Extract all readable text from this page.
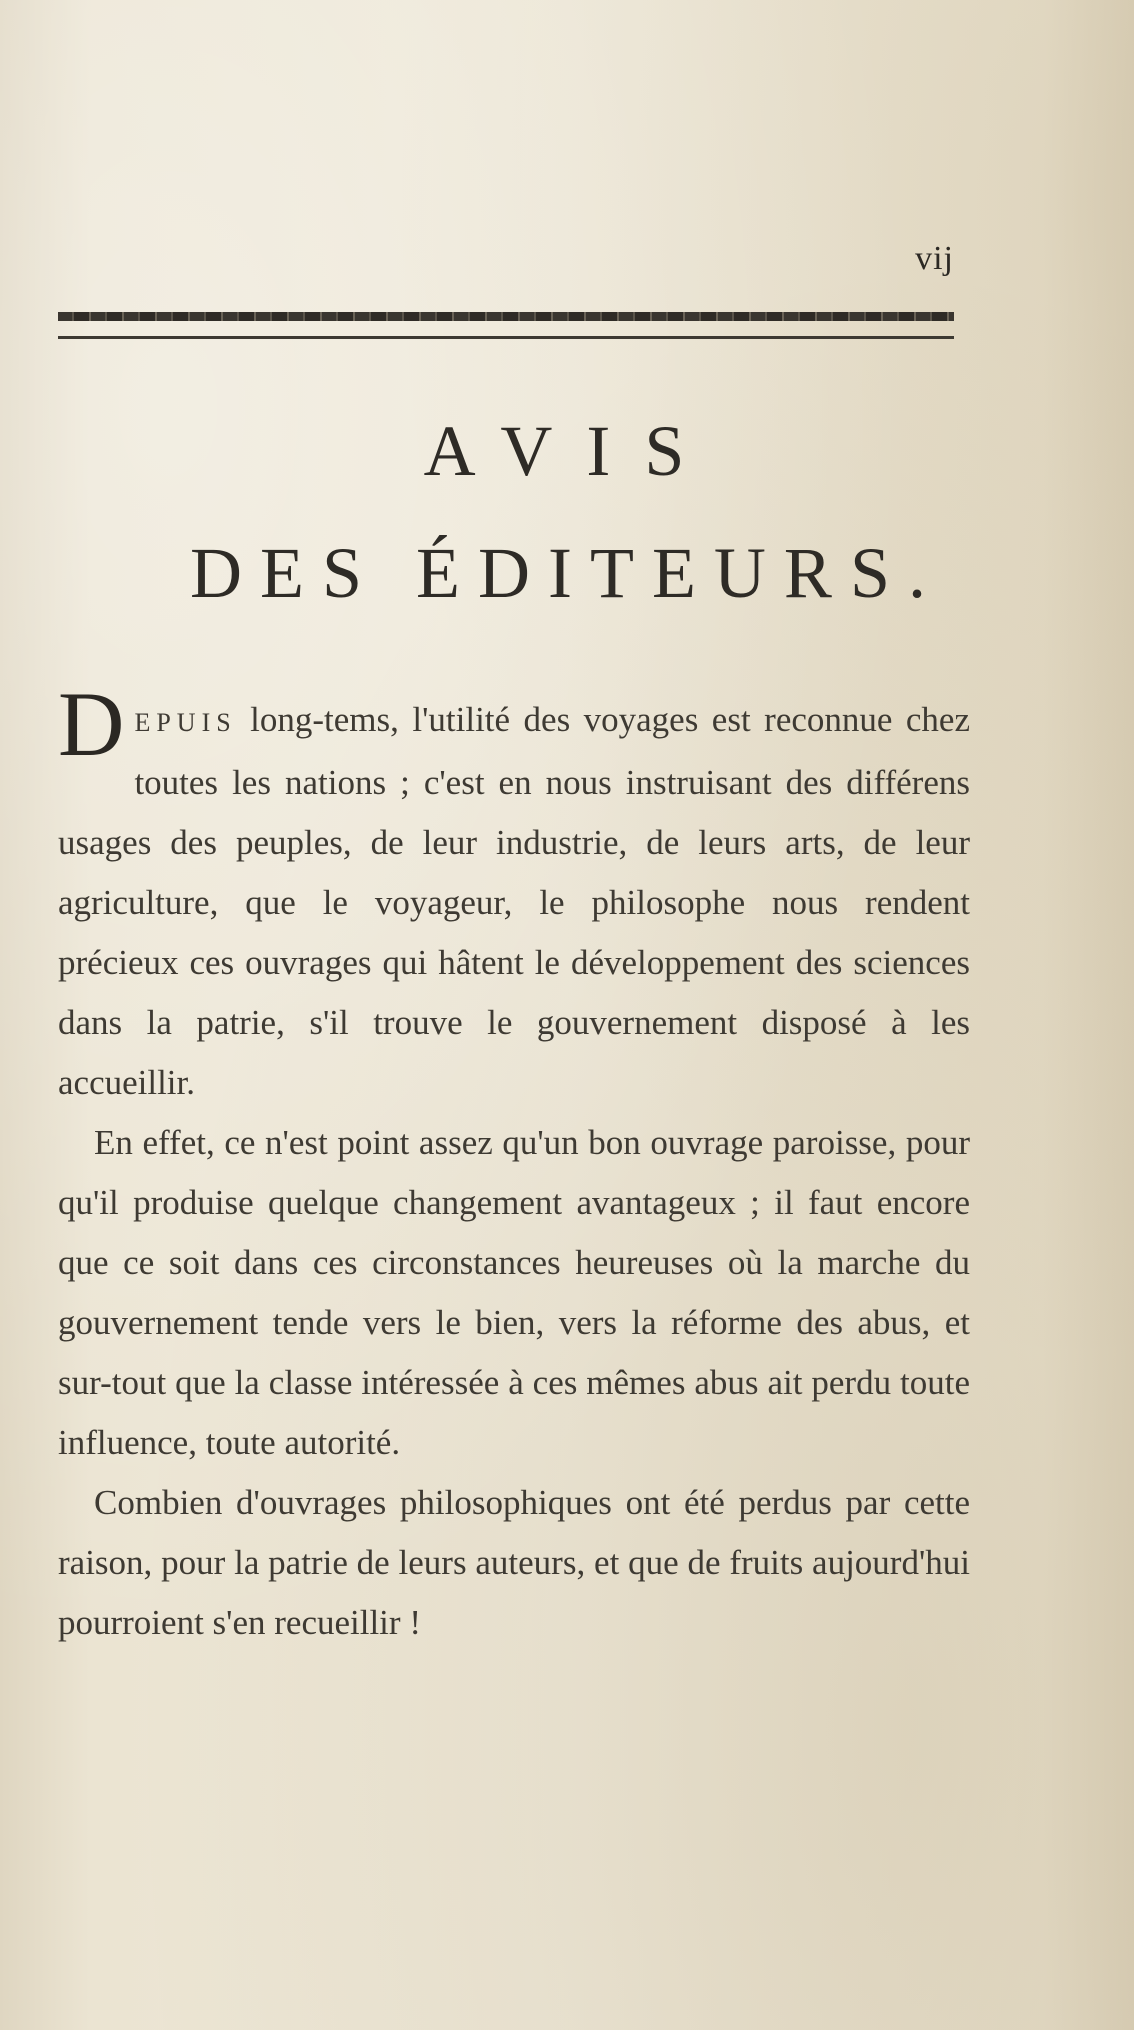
vij
AVIS
DES ÉDITEURS.

DEPUIS long-tems, l'utilité des voyages est reconnue chez toutes les nations ; c'est en nous instruisant des différens usages des peuples, de leur industrie, de leurs arts, de leur agriculture, que le voyageur, le philosophe nous rendent précieux ces ouvrages qui hâtent le développement des sciences dans la patrie, s'il trouve le gouvernement disposé à les accueillir.

En effet, ce n'est point assez qu'un bon ouvrage paroisse, pour qu'il produise quelque changement avantageux ; il faut encore que ce soit dans ces circonstances heureuses où la marche du gouvernement tende vers le bien, vers la réforme des abus, et sur-tout que la classe intéressée à ces mêmes abus ait perdu toute influence, toute autorité.

Combien d'ouvrages philosophiques ont été perdus par cette raison, pour la patrie de leurs auteurs, et que de fruits aujourd'hui pourroient s'en recueillir !
